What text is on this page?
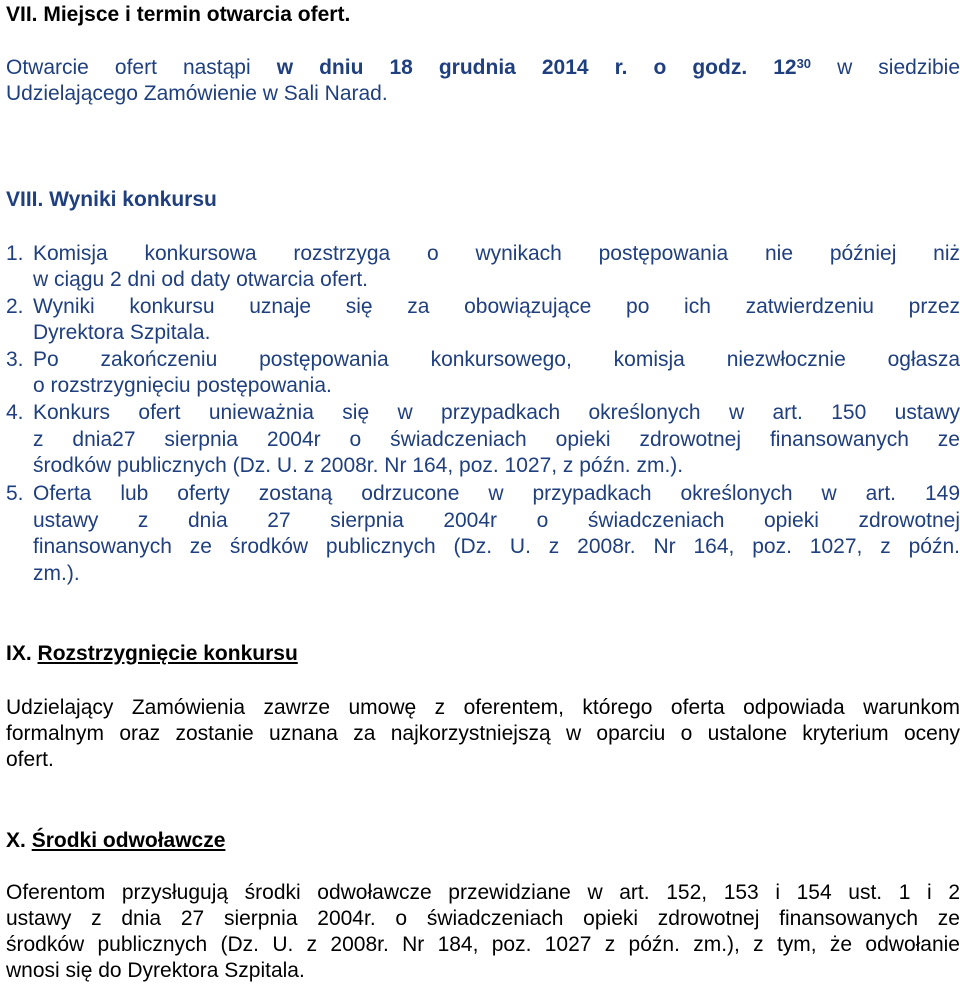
VII. Miejsce i termin otwarcia ofert.
Otwarcie ofert nastąpi w dniu 18 grudnia 2014 r. o godz. $12^{30}$ w siedzibie
Udzielającego Zamówienie w Sali Narad.
VIII. Wyniki konkursu
1. Komisja konkursowa rozstrzyga o wynikach postępowania nie później niż
w ciągu 2 dni od daty otwarcia ofert.
2. Wyniki konkursu uznaje się za obowiązujące po ich zatwierdzeniu przez
Dyrektora Szpitala.
3. Po zakończeniu postępowania konkursowego, komisja niezwłocznie ogłasza
o rozstrzygnięciu postępowania.
4. Konkurs ofert unieważnia się w przypadkach określonych w art. 150 ustawy
z dnia27 sierpnia 2004r o świadczeniach opieki zdrowotnej finansowanych ze
środków publicznych (Dz. U. z 2008r. Nr 164, poz. 1027, z późn. zm.).
5. Oferta lub oferty zostaną odrzucone w przypadkach określonych w art. 149
ustawy z dnia 27 sierpnia 2004r o świadczeniach opieki zdrowotnej
finansowanych ze środków publicznych (Dz. U. z 2008r. Nr 164, poz. 1027, z późn.
zm.).
IX. Rozstrzygnięcie konkursu
Udzielający Zamówienia zawrze umowę z oferentem, którego oferta odpowiada warunkom
formalnym oraz zostanie uznana za najkorzystniejszą w oparciu o ustalone kryterium oceny
ofert.
X. Środki odwoławcze
Oferentom przysługują środki odwoławcze przewidziane w art. 152, 153 i 154 ust. 1 i 2
ustawy z dnia 27 sierpnia 2004r. o świadczeniach opieki zdrowotnej finansowanych ze
środków publicznych (Dz. U. z 2008r. Nr 184, poz. 1027 z późn. zm.), z tym, że odwołanie
wnosi się do Dyrektora Szpitala.
